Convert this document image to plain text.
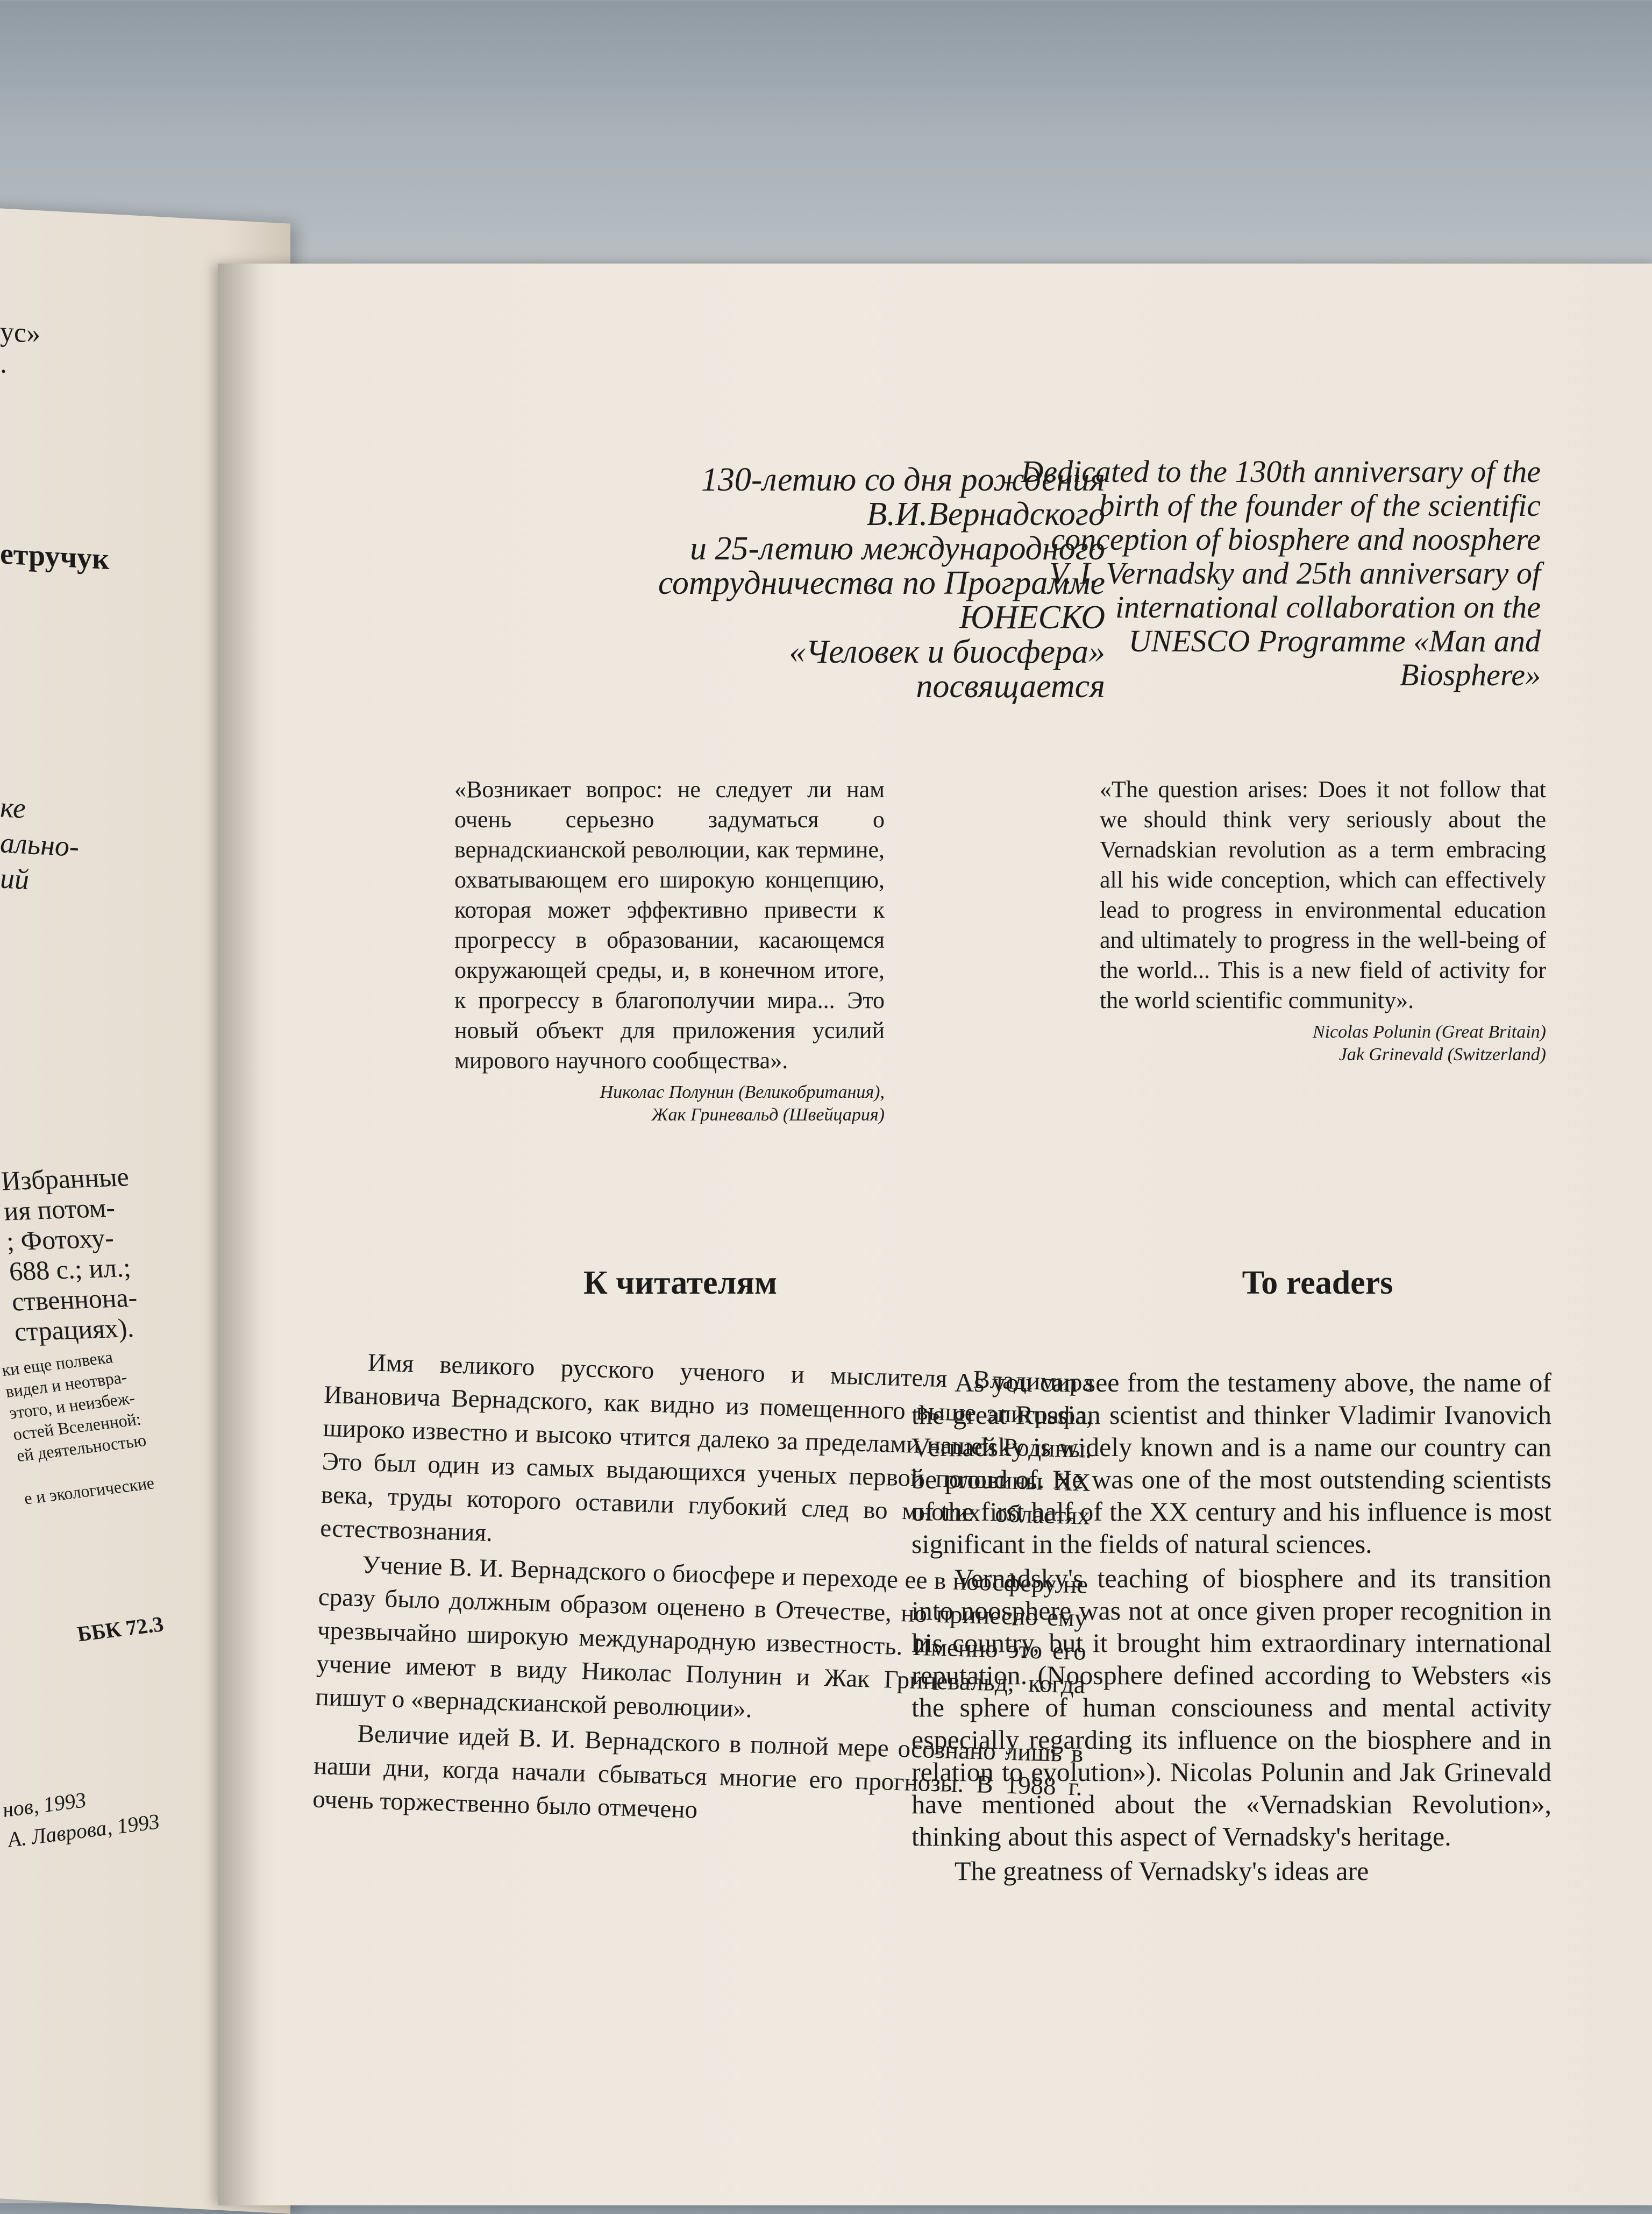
ус»
.
етручук
ке
ально-
ий
Избранные
ия потом-
; Фотоху-
688 с.; ил.;
ственнона-
страциях).
ки еще полвека
видел и неотвра-
этого, и неизбеж-
остей Вселенной:
ей деятельностью

е и экологические
ББК 72.3
нов, 1993
А. Лаврова, 1993
130-летию со дня рождения
В.И.Вернадского
и 25-летию международного
сотрудничества по Программе
ЮНЕСКО
«Человек и биосфера»
посвящается
Dedicated to the 130th anniversary of the
birth of the founder of the scientific
conception of biosphere and noosphere
V. I. Vernadsky and 25th anniversary of
international collaboration on the
UNESCO Programme «Man and
Biosphere»
«Возникает вопрос: не следует ли нам очень серьезно задуматься о вернадскианской революции, как термине, охватывающем его широкую концепцию, которая может эффективно привести к прогрессу в образовании, касающемся окружающей среды, и, в конечном итоге, к прогрессу в благополучии мира... Это новый объект для приложения усилий мирового научного сообщества».
Николас Полунин (Великобритания),
Жак Гриневальд (Швейцария)
«The question arises: Does it not follow that we should think very seriously about the Vernadskian revolution as a term embracing all his wide conception, which can effectively lead to progress in environmental education and ultimately to progress in the well-being of the world... This is a new field of activity for the world scientific community».
Nicolas Polunin (Great Britain)
Jak Grinevald (Switzerland)
К читателям	To readers

Имя великого русского ученого и мыслителя Владимира Ивановича Вернадского, как видно из помещенного выше эпиграфа, широко известно и высоко чтится далеко за пределами нашей Родины. Это был один из самых выдающихся ученых первой половины XX века, труды которого оставили глубокий след во многих областях естествознания.

Учение В. И. Вернадского о биосфере и переходе ее в ноосферу не сразу было должным образом оценено в Отечестве, но принесло ему чрезвычайно широкую международную известность. Именно это его учение имеют в виду Николас Полунин и Жак Гриневальд, когда пишут о «вернадскианской революции».

Величие идей В. И. Вернадского в полной мере осознано лишь в наши дни, когда начали сбываться многие его прогнозы. В 1988 г. очень торжественно было отмечено

As you can see from the testameny above, the name of the great Russian scientist and thinker Vladimir Ivanovich Vernadsky is widely known and is a name our country can be proud of. He was one of the most outstending scientists of the first half of the XX century and his influence is most significant in the fields of natural sciences.

Vernadsky's teaching of biosphere and its transition into noosphere was not at once given proper recognition in his country, but it brought him extraordinary international reputation. (Noosphere defined according to Websters «is the sphere of human consciouness and mental activity especially regarding its influence on the biosphere and in relation to evolution»). Nicolas Polunin and Jak Grinevald have mentioned about the «Vernadskian Revolution», thinking about this aspect of Vernadsky's heritage.

The greatness of Vernadsky's ideas are
